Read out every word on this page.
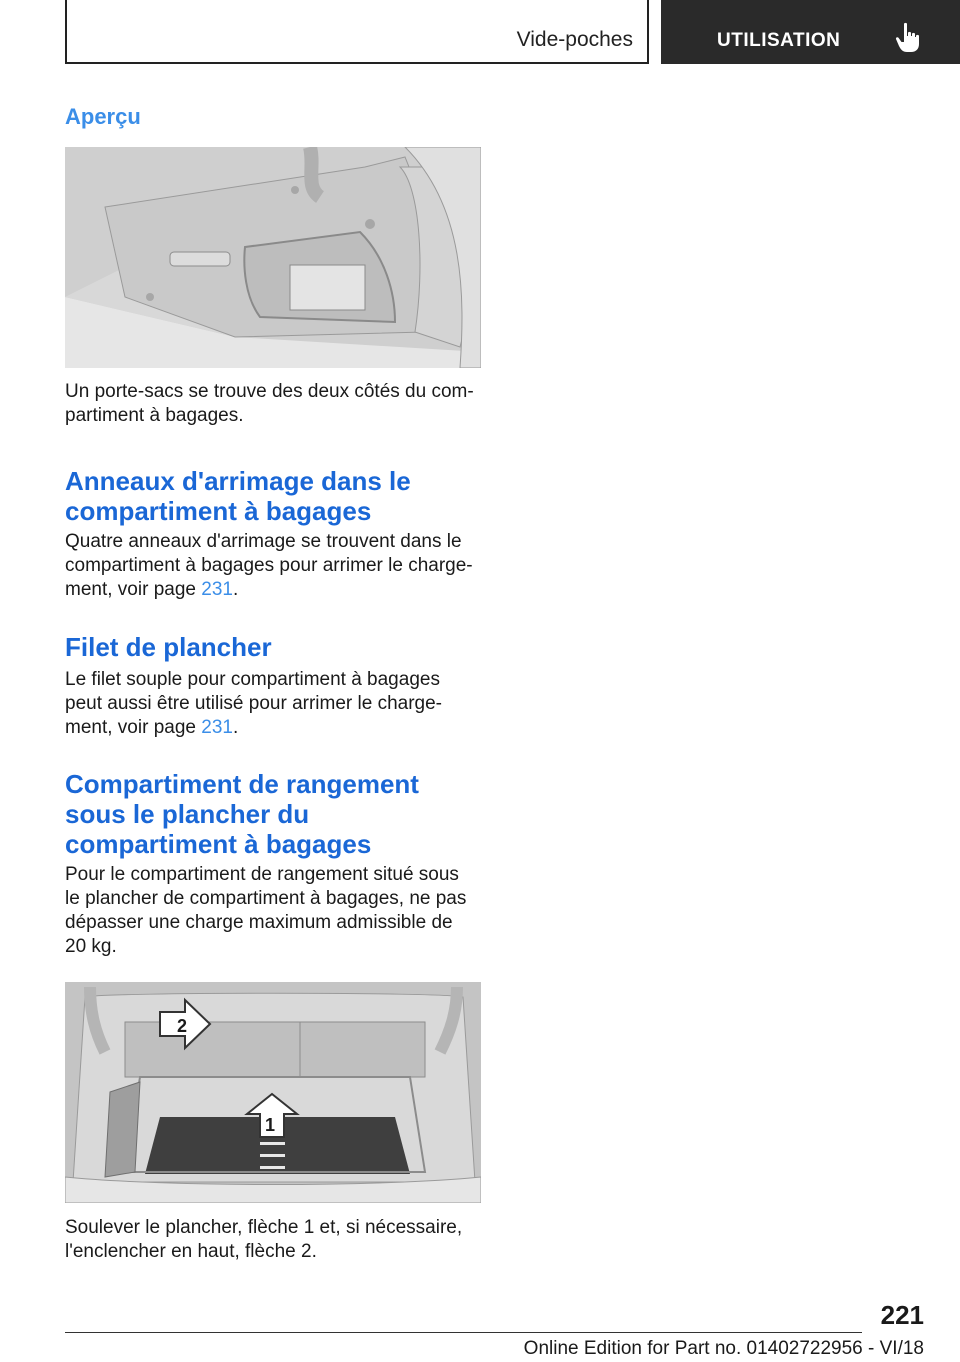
Vide-poches	UTILISATION
Aperçu

Un porte-sacs se trouve des deux côtés du com-partiment à bagages.

Anneaux d'arrimage dans le
compartiment à bagages

Quatre anneaux d'arrimage se trouvent dans le
compartiment à bagages pour arrimer le charge-
ment, voir page 231.

Filet de plancher

Le filet souple pour compartiment à bagages
peut aussi être utilisé pour arrimer le charge-
ment, voir page 231.

Compartiment de rangement
sous le plancher du
compartiment à bagages

Pour le compartiment de rangement situé sous
le plancher de compartiment à bagages, ne pas
dépasser une charge maximum admissible de
20 kg.

1
2

Soulever le plancher, flèche 1 et, si nécessaire,
l'enclencher en haut, flèche 2.

221
Online Edition for Part no. 01402722956 - VI/18
